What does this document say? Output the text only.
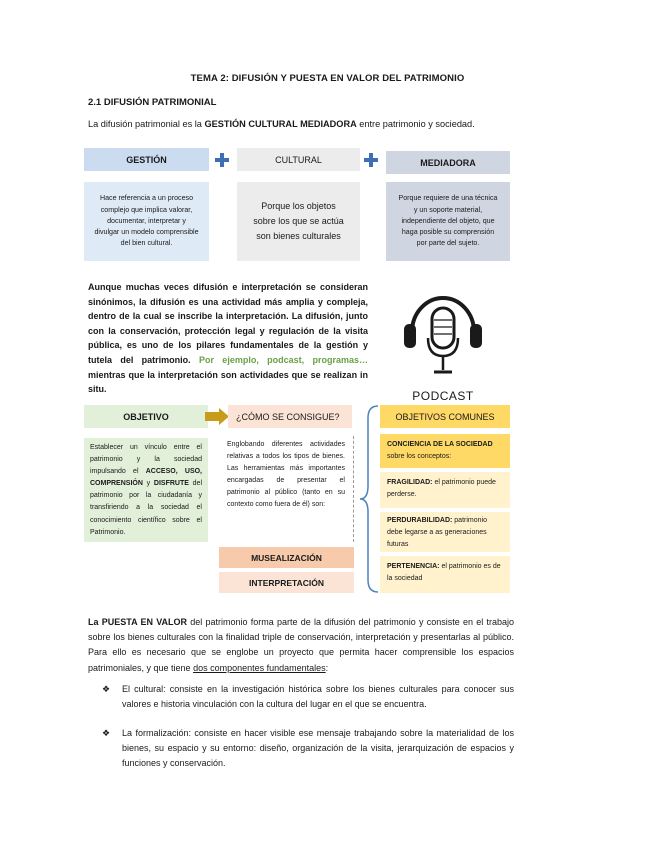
TEMA 2: DIFUSIÓN Y PUESTA EN VALOR DEL PATRIMONIO
2.1 DIFUSIÓN PATRIMONIAL
La difusión patrimonial es la GESTIÓN CULTURAL MEDIADORA entre patrimonio y sociedad.
GESTIÓN	CULTURAL	MEDIADORA
Hace referencia a un proceso complejo que implica valorar, documentar, interpretar y divulgar un modelo comprensible del bien cultural.
Porque los objetos sobre los que se actúa son bienes culturales
Porque requiere de una técnica y un soporte material, independiente del objeto, que haga posible su comprensión por parte del sujeto.
Aunque muchas veces difusión e interpretación se consideran sinónimos, la difusión es una actividad más amplia y compleja, dentro de la cual se inscribe la interpretación. La difusión, junto con la conservación, protección legal y regulación de la visita pública, es uno de los pilares fundamentales de la gestión y tutela del patrimonio. Por ejemplo, podcast, programas… mientras que la interpretación son actividades que se realizan in situ.	PODCAST
OBJETIVO
Establecer un vínculo entre el patrimonio y la sociedad impulsando el ACCESO, USO, COMPRENSIÓN y DISFRUTE del patrimonio por la ciudadanía y transfiriendo a la sociedad el conocimiento científico sobre el Patrimonio.
¿CÓMO SE CONSIGUE?
Englobando diferentes actividades relativas a todos los tipos de bienes. Las herramientas más importantes encargadas de presentar el patrimonio al público (tanto en su contexto como fuera de él) son:
MUSEALIZACIÓN
INTERPRETACIÓN
OBJETIVOS COMUNES
CONCIENCIA DE LA SOCIEDAD sobre los conceptos:
FRAGILIDAD: el patrimonio puede perderse.
PERDURABILIDAD: patrimonio debe legarse a as generaciones futuras
PERTENENCIA: el patrimonio es de la sociedad
La PUESTA EN VALOR del patrimonio forma parte de la difusión del patrimonio y consiste en el trabajo sobre los bienes culturales con la finalidad triple de conservación, interpretación y presentarlas al público. Para ello es necesario que se englobe un proyecto que permita hacer comprensible los espacios patrimoniales, y que tiene dos componentes fundamentales:
❖	El cultural: consiste en la investigación histórica sobre los bienes culturales para conocer sus valores e historia vinculación con la cultura del lugar en el que se encuentra.
❖	La formalización: consiste en hacer visible ese mensaje trabajando sobre la materialidad de los bienes, su espacio y su entorno: diseño, organización de la visita, jerarquización de espacios y funciones y conservación.
